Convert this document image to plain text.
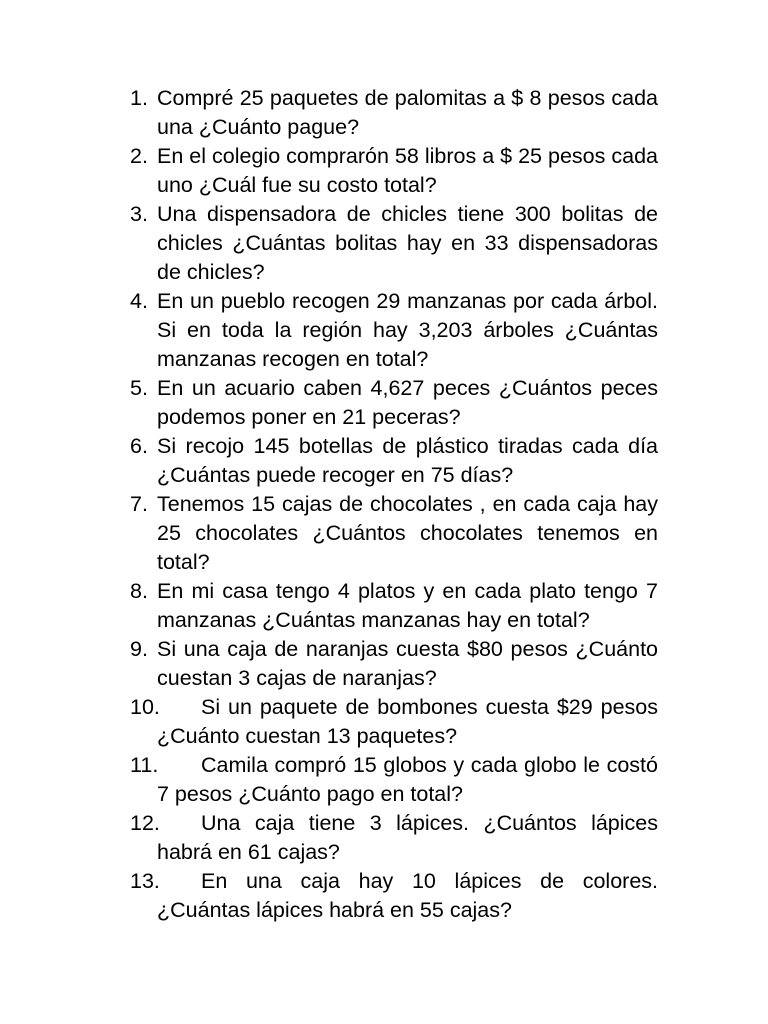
1. Compré 25 paquetes de palomitas a $ 8 pesos cada una ¿Cuánto pague?
2. En el colegio comprarón 58 libros a $ 25 pesos cada uno ¿Cuál fue su costo total?
3. Una dispensadora de chicles tiene 300 bolitas de chicles ¿Cuántas bolitas hay en 33 dispensadoras de chicles?
4. En un pueblo recogen 29 manzanas por cada árbol. Si en toda la región hay 3,203 árboles ¿Cuántas manzanas recogen en total?
5. En un acuario caben 4,627 peces ¿Cuántos peces podemos poner en 21 peceras?
6. Si recojo 145 botellas de plástico tiradas cada día ¿Cuántas puede recoger en 75 días?
7. Tenemos 15 cajas de chocolates , en cada caja hay 25 chocolates ¿Cuántos chocolates tenemos en total?
8. En mi casa tengo 4 platos y en cada plato tengo 7 manzanas ¿Cuántas manzanas hay en total?
9. Si una caja de naranjas cuesta $80 pesos ¿Cuánto cuestan 3 cajas de naranjas?
10. Si un paquete de bombones cuesta $29 pesos ¿Cuánto cuestan 13 paquetes?
11. Camila compró 15 globos y cada globo le costó 7 pesos ¿Cuánto pago en total?
12. Una caja tiene 3 lápices. ¿Cuántos lápices habrá en 61 cajas?
13. En una caja hay 10 lápices de colores. ¿Cuántas lápices habrá en 55 cajas?
